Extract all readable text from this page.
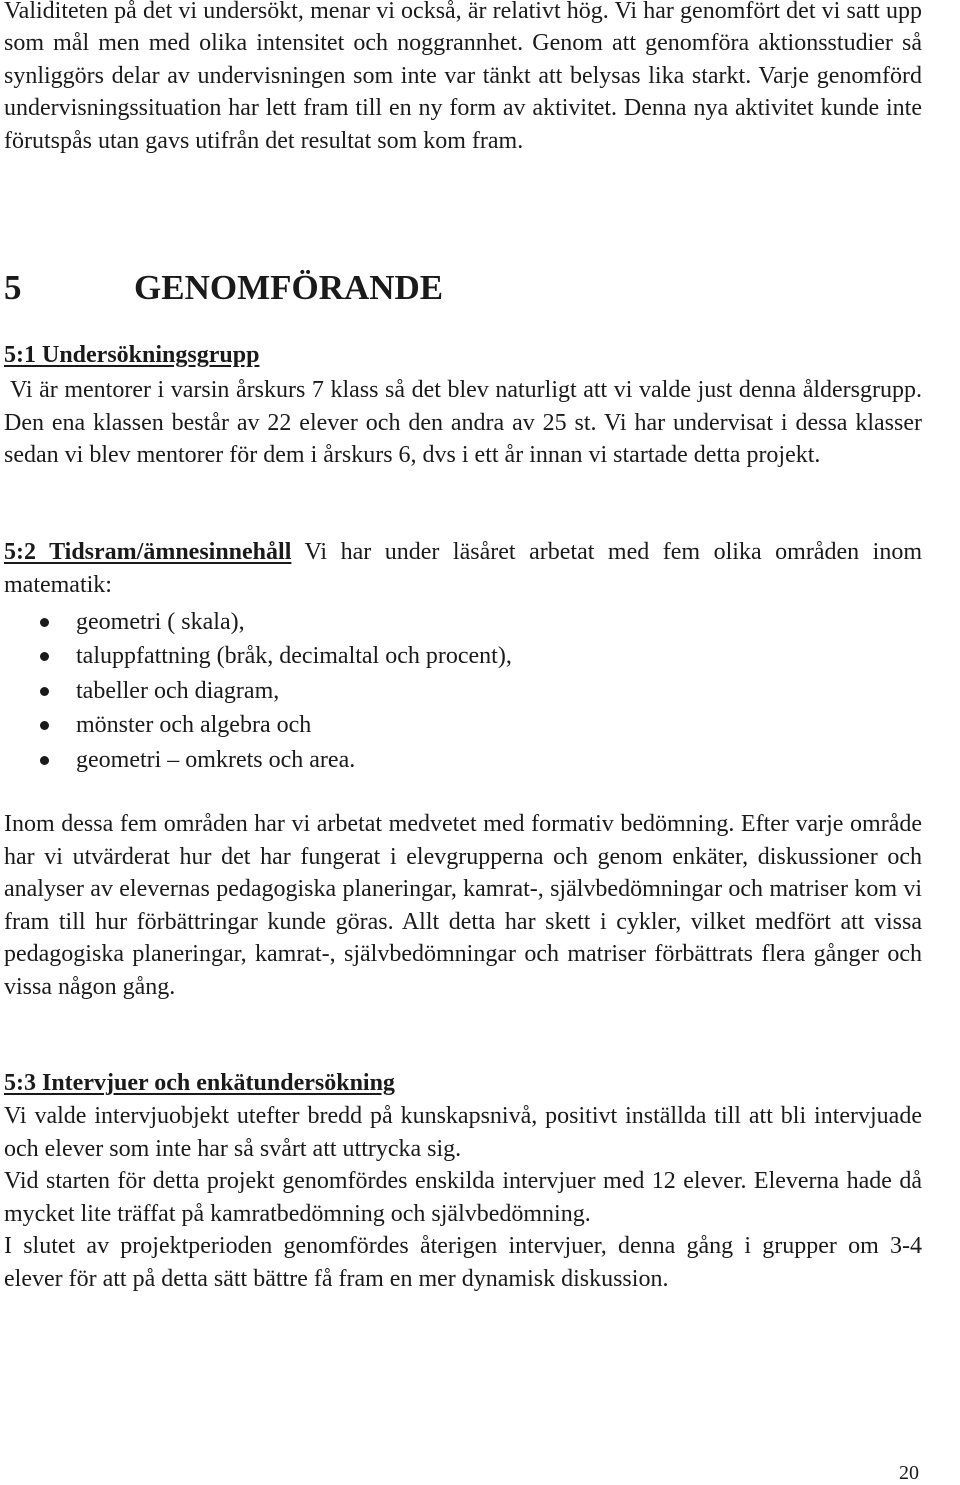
Validiteten på det vi undersökt, menar vi också, är relativt hög. Vi har genomfört det vi satt upp som mål men med olika intensitet och noggrannhet. Genom att genomföra aktionsstudier så synliggörs delar av undervisningen som inte var tänkt att belysas lika starkt. Varje genomförd undervisningssituation har lett fram till en ny form av aktivitet. Denna nya aktivitet kunde inte förutspås utan gavs utifrån det resultat som kom fram.

5	GENOMFÖRANDE
5:1 Undersökningsgrupp

Vi är mentorer i varsin årskurs 7 klass så det blev naturligt att vi valde just denna åldersgrupp. Den ena klassen består av 22 elever och den andra av 25 st. Vi har undervisat i dessa klasser sedan vi blev mentorer för dem i årskurs 6, dvs i ett år innan vi startade detta projekt.

5:2 Tidsram/ämnesinnehåll Vi har under läsåret arbetat med fem olika områden inom matematik:

geometri ( skala),
taluppfattning (bråk, decimaltal och procent),
tabeller och diagram,
mönster och algebra och
geometri – omkrets och area.

Inom dessa fem områden har vi arbetat medvetet med formativ bedömning. Efter varje område har vi utvärderat hur det har fungerat i elevgrupperna och genom enkäter, diskussioner och analyser av elevernas pedagogiska planeringar, kamrat-, självbedömningar och matriser kom vi fram till hur förbättringar kunde göras. Allt detta har skett i cykler, vilket medfört att vissa pedagogiska planeringar, kamrat-, självbedömningar och matriser förbättrats flera gånger och vissa någon gång.

5:3 Intervjuer och enkätundersökning
Vi valde intervjuobjekt utefter bredd på kunskapsnivå, positivt inställda till att bli intervjuade och elever som inte har så svårt att uttrycka sig.
Vid starten för detta projekt genomfördes enskilda intervjuer med 12 elever. Eleverna hade då mycket lite träffat på kamratbedömning och självbedömning.
I slutet av projektperioden genomfördes återigen intervjuer, denna gång i grupper om 3-4 elever för att på detta sätt bättre få fram en mer dynamisk diskussion.

20
